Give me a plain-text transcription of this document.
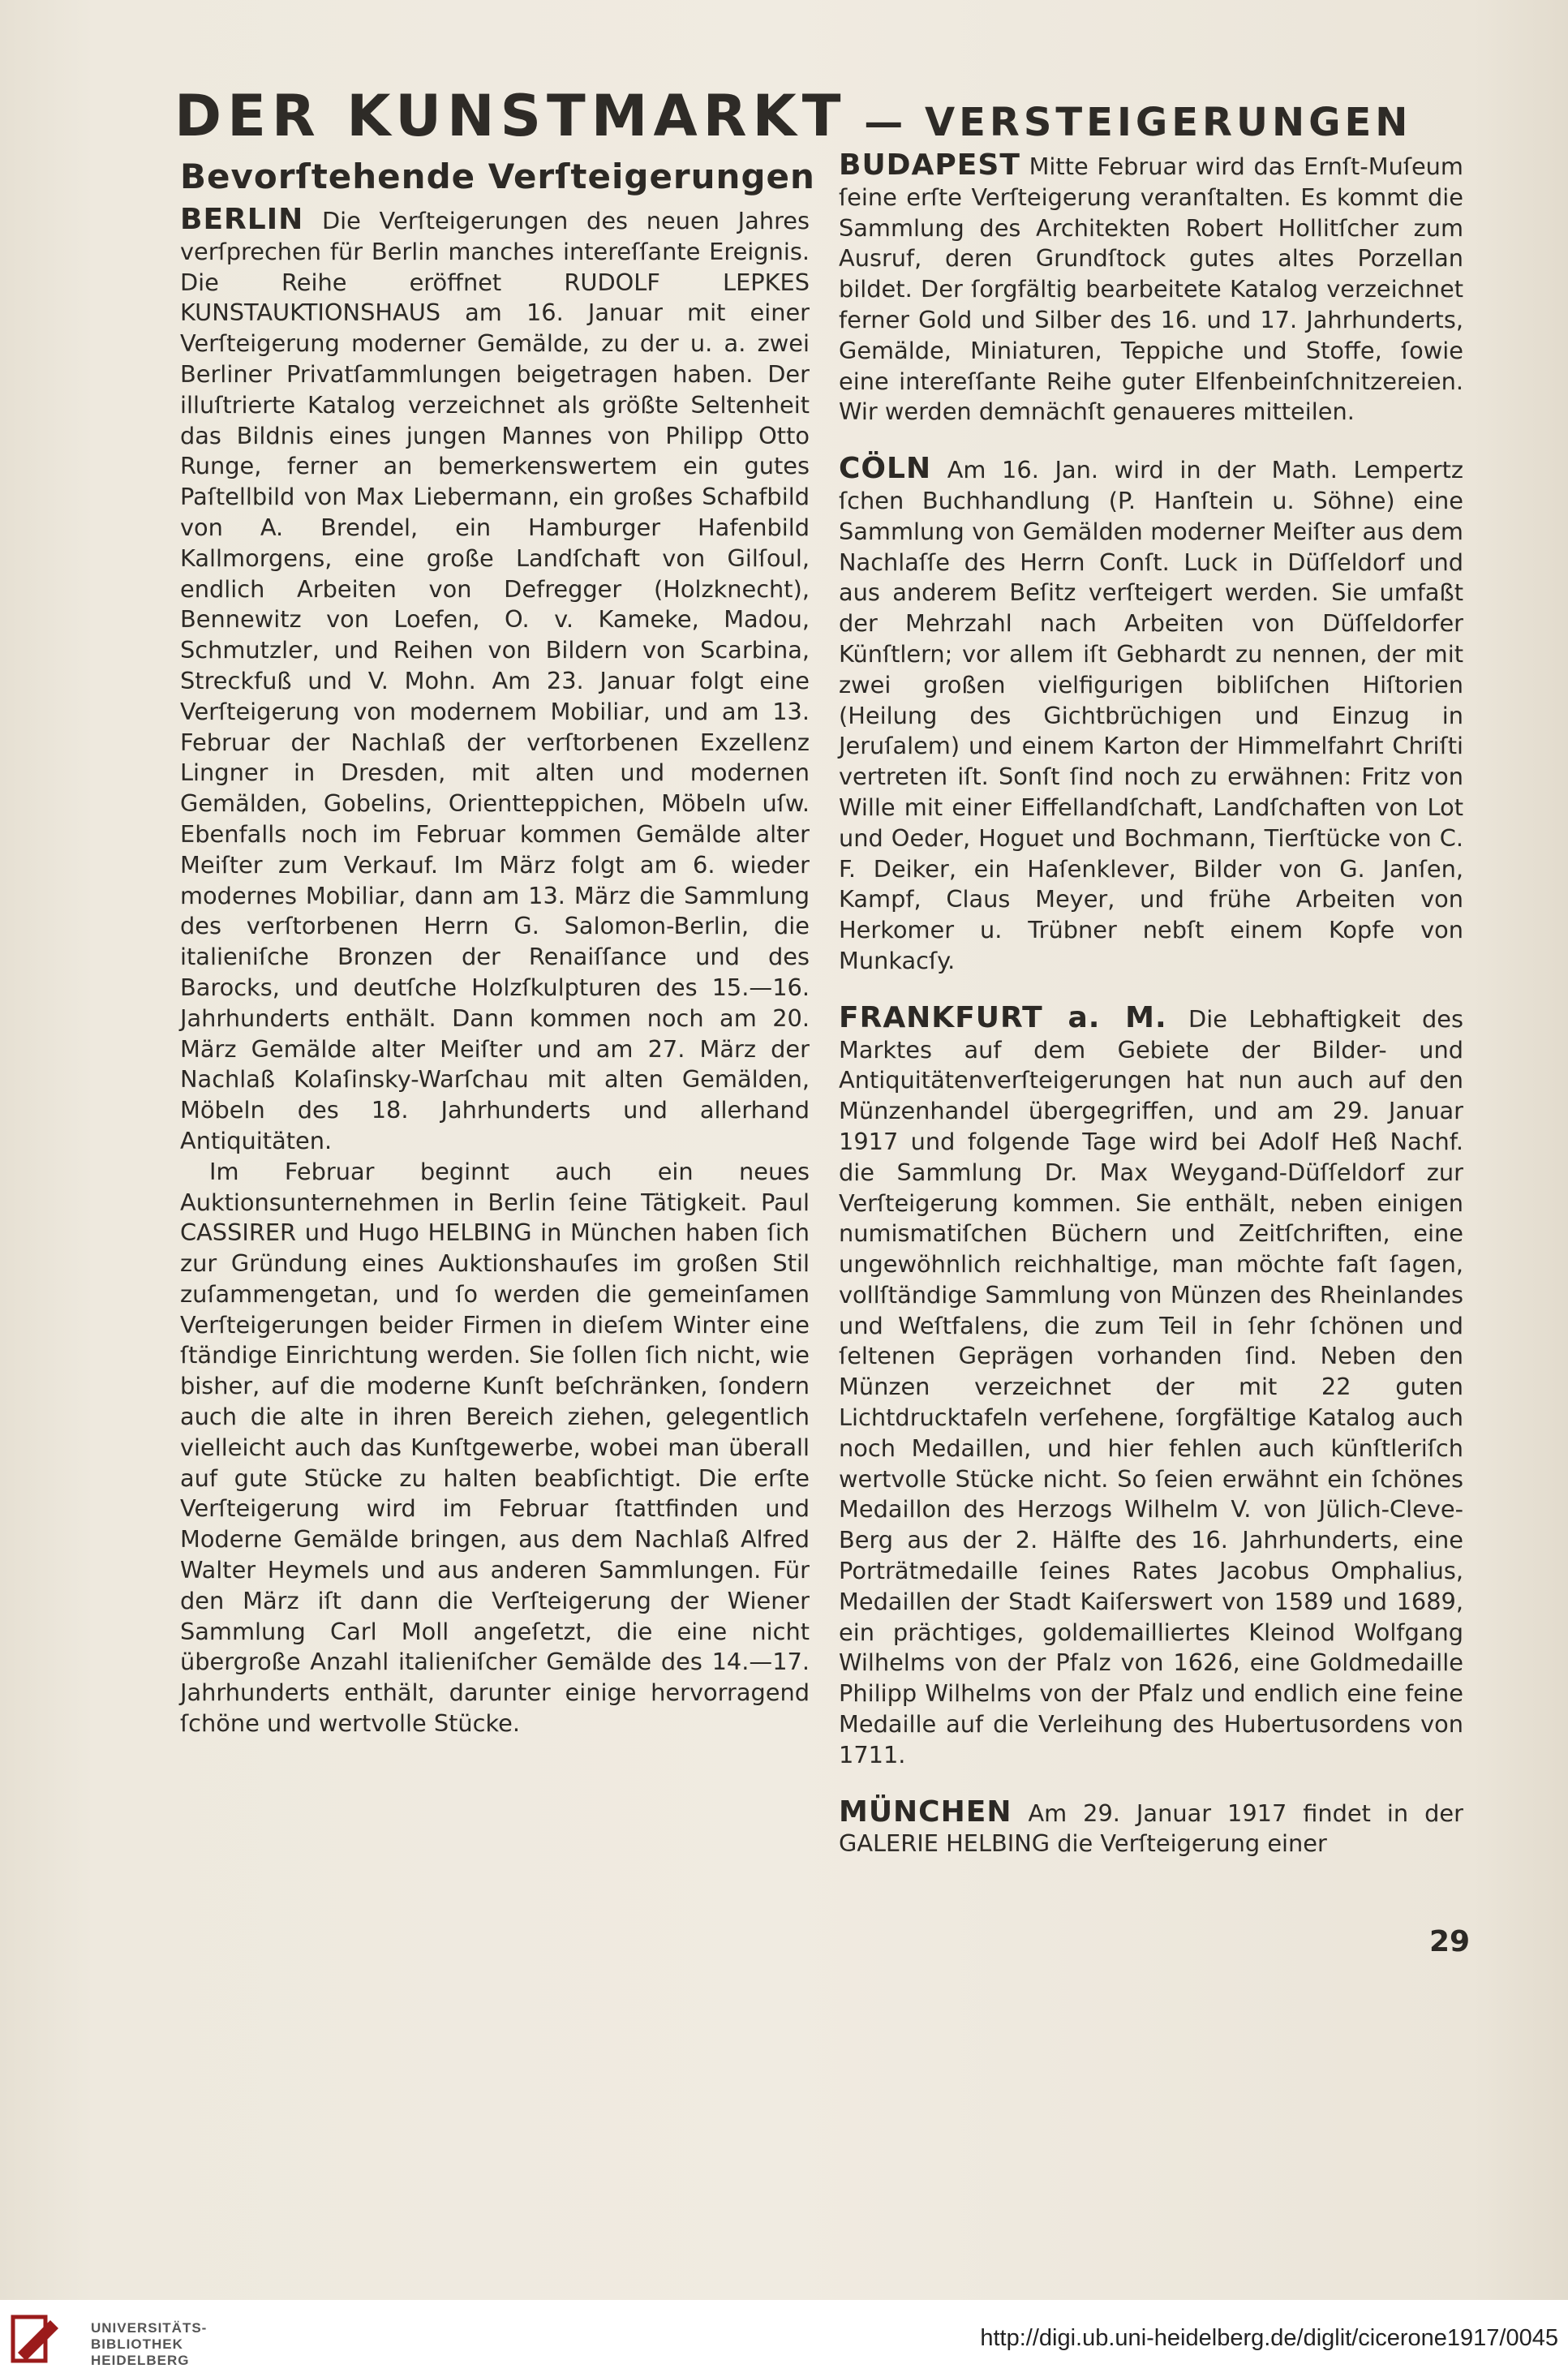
DER KUNSTMARKT — VERSTEIGERUNGEN
Bevorſtehende Verſteigerungen

BERLIN Die Verſteigerungen des neuen Jahres verſprechen für Berlin manches intereſſante Ereignis. Die Reihe eröffnet RUDOLF LEPKES KUNSTAUKTIONSHAUS am 16. Januar mit einer Verſteigerung moderner Gemälde, zu der u. a. zwei Berliner Privatſammlungen beigetragen haben. Der illuſtrierte Katalog verzeichnet als größte Seltenheit das Bildnis eines jungen Mannes von Philipp Otto Runge, ferner an bemerkenswertem ein gutes Paſtellbild von Max Liebermann, ein großes Schafbild von A. Brendel, ein Hamburger Hafenbild Kallmorgens, eine große Landſchaft von Gilſoul, endlich Arbeiten von Defregger (Holzknecht), Bennewitz von Loefen, O. v. Kameke, Madou, Schmutzler, und Reihen von Bildern von Scarbina, Streckfuß und V. Mohn. Am 23. Januar folgt eine Verſteigerung von modernem Mobiliar, und am 13. Februar der Nachlaß der verſtorbenen Exzellenz Lingner in Dresden, mit alten und modernen Gemälden, Gobelins, Orientteppichen, Möbeln uſw. Ebenfalls noch im Februar kommen Gemälde alter Meiſter zum Verkauf. Im März folgt am 6. wieder modernes Mobiliar, dann am 13. März die Sammlung des verſtorbenen Herrn G. Salomon-Berlin, die italieniſche Bronzen der Renaiſſance und des Barocks, und deutſche Holzſkulpturen des 15.—16. Jahrhunderts enthält. Dann kommen noch am 20. März Gemälde alter Meiſter und am 27. März der Nachlaß Kolaſinsky-Warſchau mit alten Gemälden, Möbeln des 18. Jahrhunderts und allerhand Antiquitäten.

Im Februar beginnt auch ein neues Auktionsunternehmen in Berlin ſeine Tätigkeit. Paul CASSIRER und Hugo HELBING in München haben ſich zur Gründung eines Auktionshauſes im großen Stil zuſammengetan, und ſo werden die gemeinſamen Verſteigerungen beider Firmen in dieſem Winter eine ſtändige Einrichtung werden. Sie ſollen ſich nicht, wie bisher, auf die moderne Kunſt beſchränken, ſondern auch die alte in ihren Bereich ziehen, gelegentlich vielleicht auch das Kunſtgewerbe, wobei man überall auf gute Stücke zu halten beabſichtigt. Die erſte Verſteigerung wird im Februar ſtattfinden und Moderne Gemälde bringen, aus dem Nachlaß Alfred Walter Heymels und aus anderen Sammlungen. Für den März iſt dann die Verſteigerung der Wiener Sammlung Carl Moll angeſetzt, die eine nicht übergroße Anzahl italieniſcher Gemälde des 14.—17. Jahrhunderts enthält, darunter einige hervorragend ſchöne und wertvolle Stücke.

BUDAPEST Mitte Februar wird das Ernſt-Muſeum ſeine erſte Verſteigerung veranſtalten. Es kommt die Sammlung des Architekten Robert Hollitſcher zum Ausruf, deren Grundſtock gutes altes Porzellan bildet. Der ſorgfältig bearbeitete Katalog verzeichnet ferner Gold und Silber des 16. und 17. Jahrhunderts, Gemälde, Miniaturen, Teppiche und Stoffe, ſowie eine intereſſante Reihe guter Elfenbeinſchnitzereien. Wir werden demnächſt genaueres mitteilen.

CÖLN Am 16. Jan. wird in der Math. Lempertz ſchen Buchhandlung (P. Hanſtein u. Söhne) eine Sammlung von Gemälden moderner Meiſter aus dem Nachlaſſe des Herrn Conſt. Luck in Düſſeldorf und aus anderem Beſitz verſteigert werden. Sie umfaßt der Mehrzahl nach Arbeiten von Düſſeldorfer Künſtlern; vor allem iſt Gebhardt zu nennen, der mit zwei großen vielfigurigen bibliſchen Hiſtorien (Heilung des Gichtbrüchigen und Einzug in Jeruſalem) und einem Karton der Himmelfahrt Chriſti vertreten iſt. Sonſt ſind noch zu erwähnen: Fritz von Wille mit einer Eiffellandſchaft, Landſchaften von Lot und Oeder, Hoguet und Bochmann, Tierſtücke von C. F. Deiker, ein Haſenklever, Bilder von G. Janſen, Kampf, Claus Meyer, und frühe Arbeiten von Herkomer u. Trübner nebſt einem Kopfe von Munkacſy.

FRANKFURT a. M. Die Lebhaftigkeit des Marktes auf dem Gebiete der Bilder- und Antiquitätenverſteigerungen hat nun auch auf den Münzenhandel übergegriffen, und am 29. Januar 1917 und folgende Tage wird bei Adolf Heß Nachf. die Sammlung Dr. Max Weygand-Düſſeldorf zur Verſteigerung kommen. Sie enthält, neben einigen numismatiſchen Büchern und Zeitſchriften, eine ungewöhnlich reichhaltige, man möchte faſt ſagen, vollſtändige Sammlung von Münzen des Rheinlandes und Weſtfalens, die zum Teil in ſehr ſchönen und ſeltenen Geprägen vorhanden ſind. Neben den Münzen verzeichnet der mit 22 guten Lichtdrucktafeln verſehene, ſorgfältige Katalog auch noch Medaillen, und hier fehlen auch künſtleriſch wertvolle Stücke nicht. So ſeien erwähnt ein ſchönes Medaillon des Herzogs Wilhelm V. von Jülich-Cleve-Berg aus der 2. Hälfte des 16. Jahrhunderts, eine Porträtmedaille ſeines Rates Jacobus Omphalius, Medaillen der Stadt Kaiſerswert von 1589 und 1689, ein prächtiges, goldemailliertes Kleinod Wolfgang Wilhelms von der Pfalz von 1626, eine Goldmedaille Philipp Wilhelms von der Pfalz und endlich eine feine Medaille auf die Verleihung des Hubertusordens von 1711.

MÜNCHEN Am 29. Januar 1917 findet in der GALERIE HELBING die Verſteigerung einer

29
UNIVERSITÄTS-
BIBLIOTHEK
HEIDELBERG
http://digi.ub.uni-heidelberg.de/diglit/cicerone1917/0045
